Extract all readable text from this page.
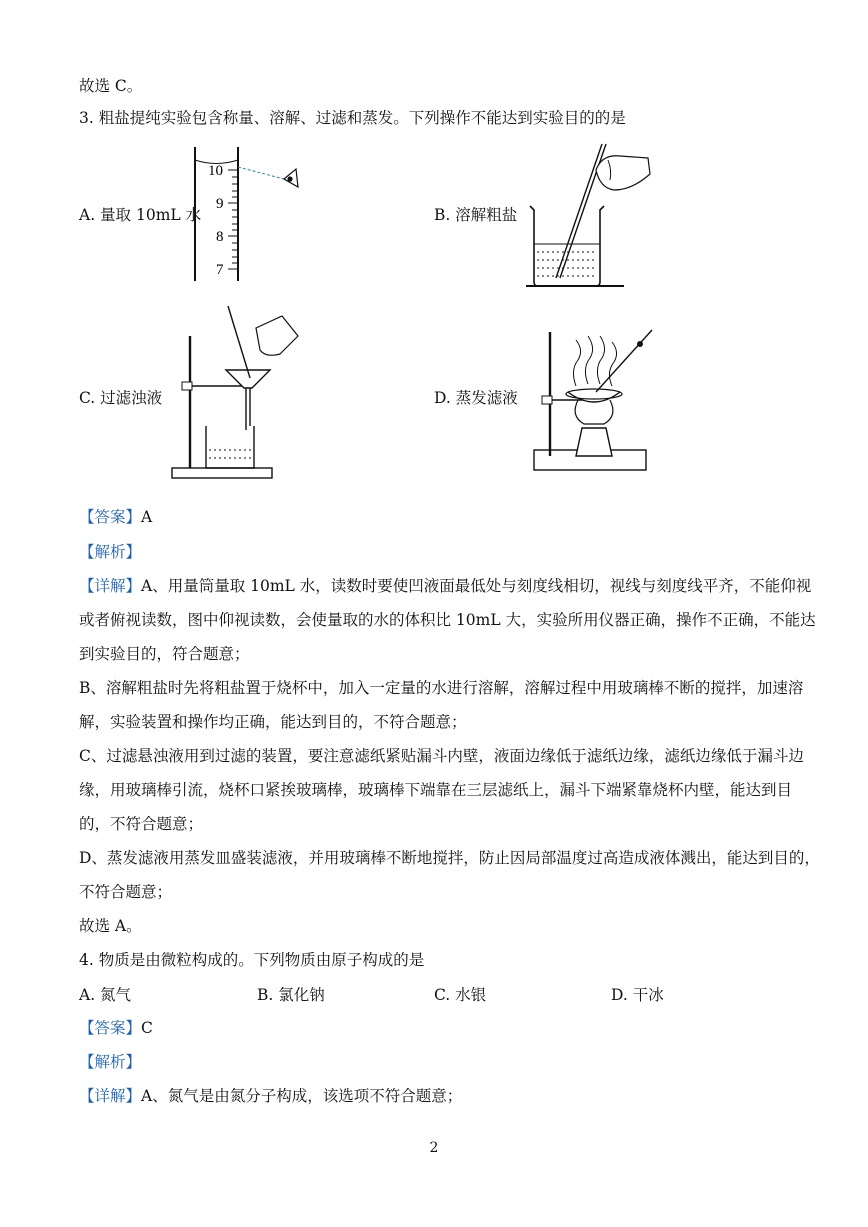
故选 C。
3. 粗盐提纯实验包含称量、溶解、过滤和蒸发。下列操作不能达到实验目的的是
A. 量取 10mL 水
10
9
8
7
B. 溶解粗盐
C. 过滤浊液	D. 蒸发滤液
【答案】A
【解析】
【详解】A、用量筒量取 10mL 水，读数时要使凹液面最低处与刻度线相切，视线与刻度线平齐，不能仰视
或者俯视读数，图中仰视读数，会使量取的水的体积比 10mL 大，实验所用仪器正确，操作不正确，不能达
到实验目的，符合题意；
B、溶解粗盐时先将粗盐置于烧杯中，加入一定量的水进行溶解，溶解过程中用玻璃棒不断的搅拌，加速溶
解，实验装置和操作均正确，能达到目的，不符合题意；
C、过滤悬浊液用到过滤的装置，要注意滤纸紧贴漏斗内壁，液面边缘低于滤纸边缘，滤纸边缘低于漏斗边
缘，用玻璃棒引流，烧杯口紧挨玻璃棒，玻璃棒下端靠在三层滤纸上，漏斗下端紧靠烧杯内壁，能达到目
的，不符合题意；
D、蒸发滤液用蒸发皿盛装滤液，并用玻璃棒不断地搅拌，防止因局部温度过高造成液体溅出，能达到目的，
不符合题意；
故选 A。
4. 物质是由微粒构成的。下列物质由原子构成的是
A. 氮气	B. 氯化钠	C. 水银	D. 干冰
【答案】C
【解析】
【详解】A、氮气是由氮分子构成，该选项不符合题意；
2
